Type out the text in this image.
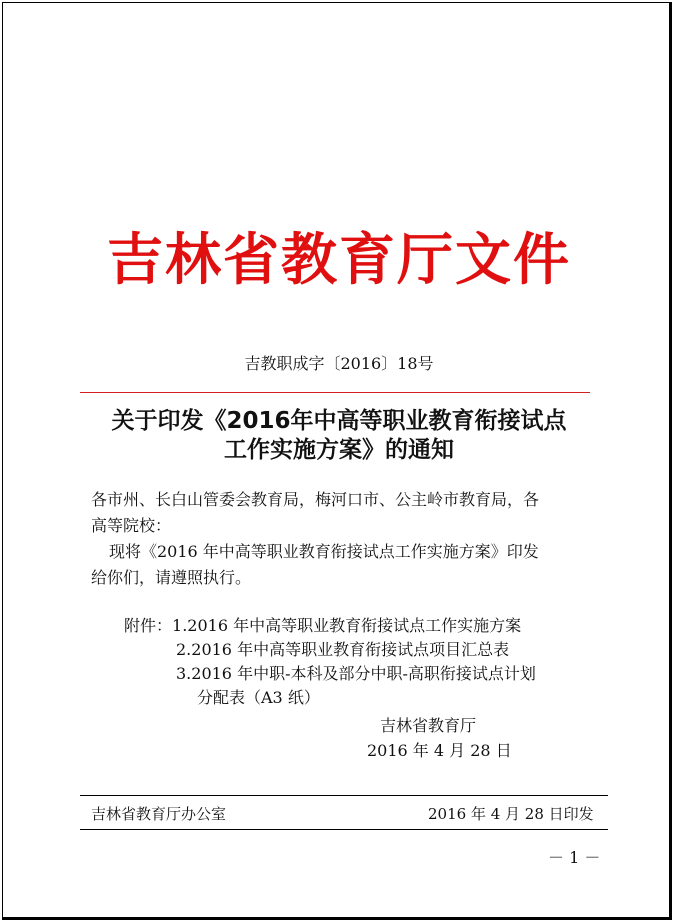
吉林省教育厅文件
吉教职成字〔2016〕18号
关于印发《2016年中高等职业教育衔接试点
工作实施方案》的通知
各市州、长白山管委会教育局，梅河口市、公主岭市教育局，各
高等院校：
现将《2016 年中高等职业教育衔接试点工作实施方案》印发
给你们，请遵照执行。
附件：1.2016 年中高等职业教育衔接试点工作实施方案
2.2016 年中高等职业教育衔接试点项目汇总表
3.2016 年中职-本科及部分中职-高职衔接试点计划
分配表（A3 纸）
吉林省教育厅
2016 年 4 月 28 日
吉林省教育厅办公室	2016 年 4 月 28 日印发
－ 1 －
